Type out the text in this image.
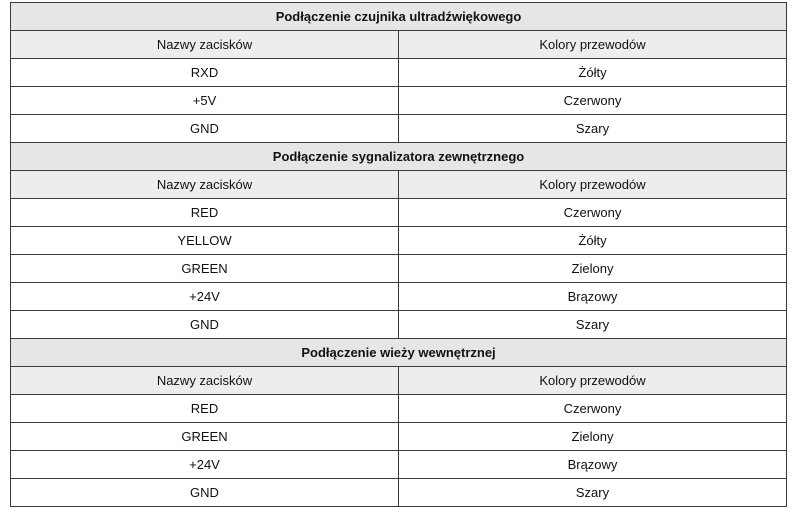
Podłączenie czujnika ultradźwiękowego	
Nazwy zacisków	Kolory przewodów
RXD	Żółty
+5V	Czerwony
GND	Szary
Podłączenie sygnalizatora zewnętrznego	
Nazwy zacisków	Kolory przewodów
RED	Czerwony
YELLOW	Żółty
GREEN	Zielony
+24V	Brązowy
GND	Szary
Podłączenie wieży wewnętrznej	
Nazwy zacisków	Kolory przewodów
RED	Czerwony
GREEN	Zielony
+24V	Brązowy
GND	Szary
